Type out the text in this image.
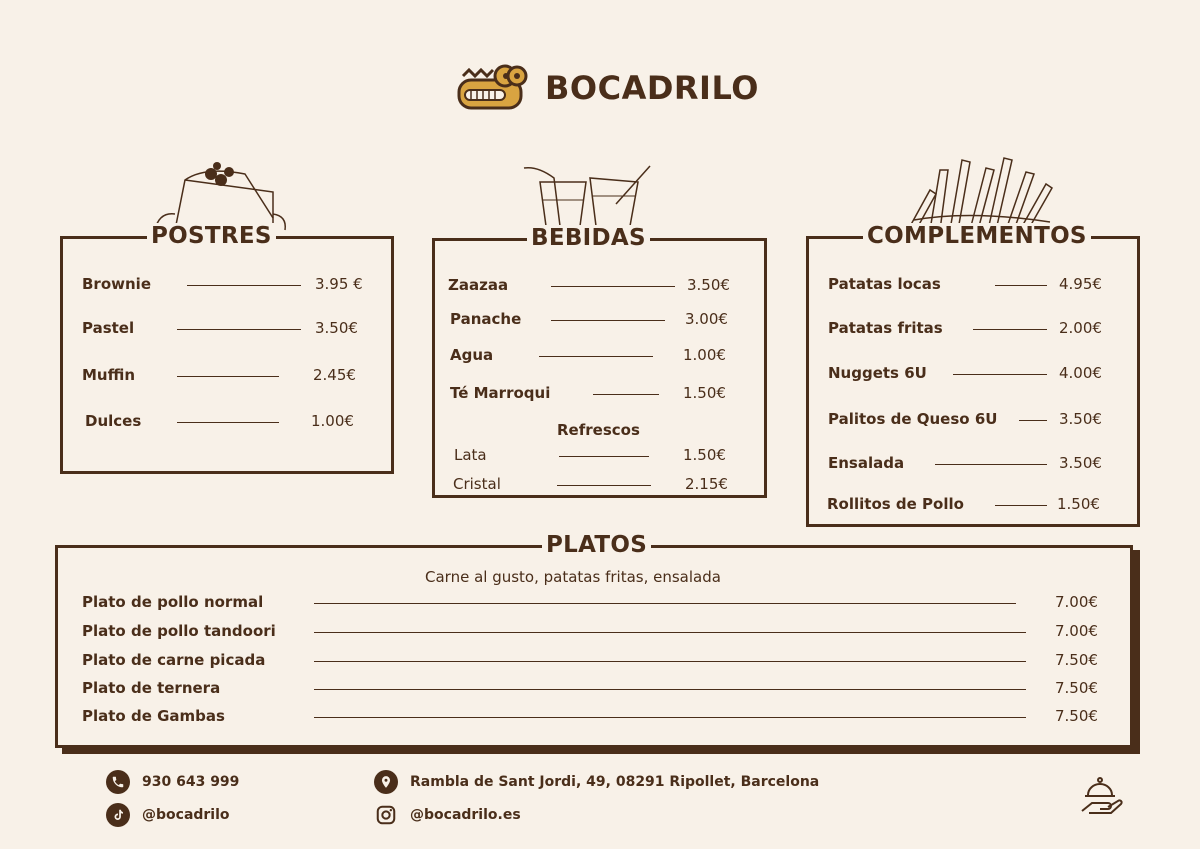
BOCADRILO
POSTRES
Brownie	3.95 €
Pastel	3.50€
Muffin	2.45€
Dulces	1.00€
BEBIDAS
Zaazaa	3.50€
Panache	3.00€
Agua	1.00€
Té Marroqui	1.50€
Refrescos
Lata	1.50€
Cristal	2.15€
COMPLEMENTOS
Patatas locas	4.95€
Patatas fritas	2.00€
Nuggets 6U	4.00€
Palitos de Queso 6U	3.50€
Ensalada	3.50€
Rollitos de Pollo	1.50€
PLATOS
Carne al gusto, patatas fritas, ensalada
Plato de pollo normal	7.00€
Plato de pollo tandoori	7.00€
Plato de carne picada	7.50€
Plato de ternera	7.50€
Plato de Gambas	7.50€
930 643 999
@bocadrilo
Rambla de Sant Jordi, 49, 08291 Ripollet, Barcelona
@bocadrilo.es
